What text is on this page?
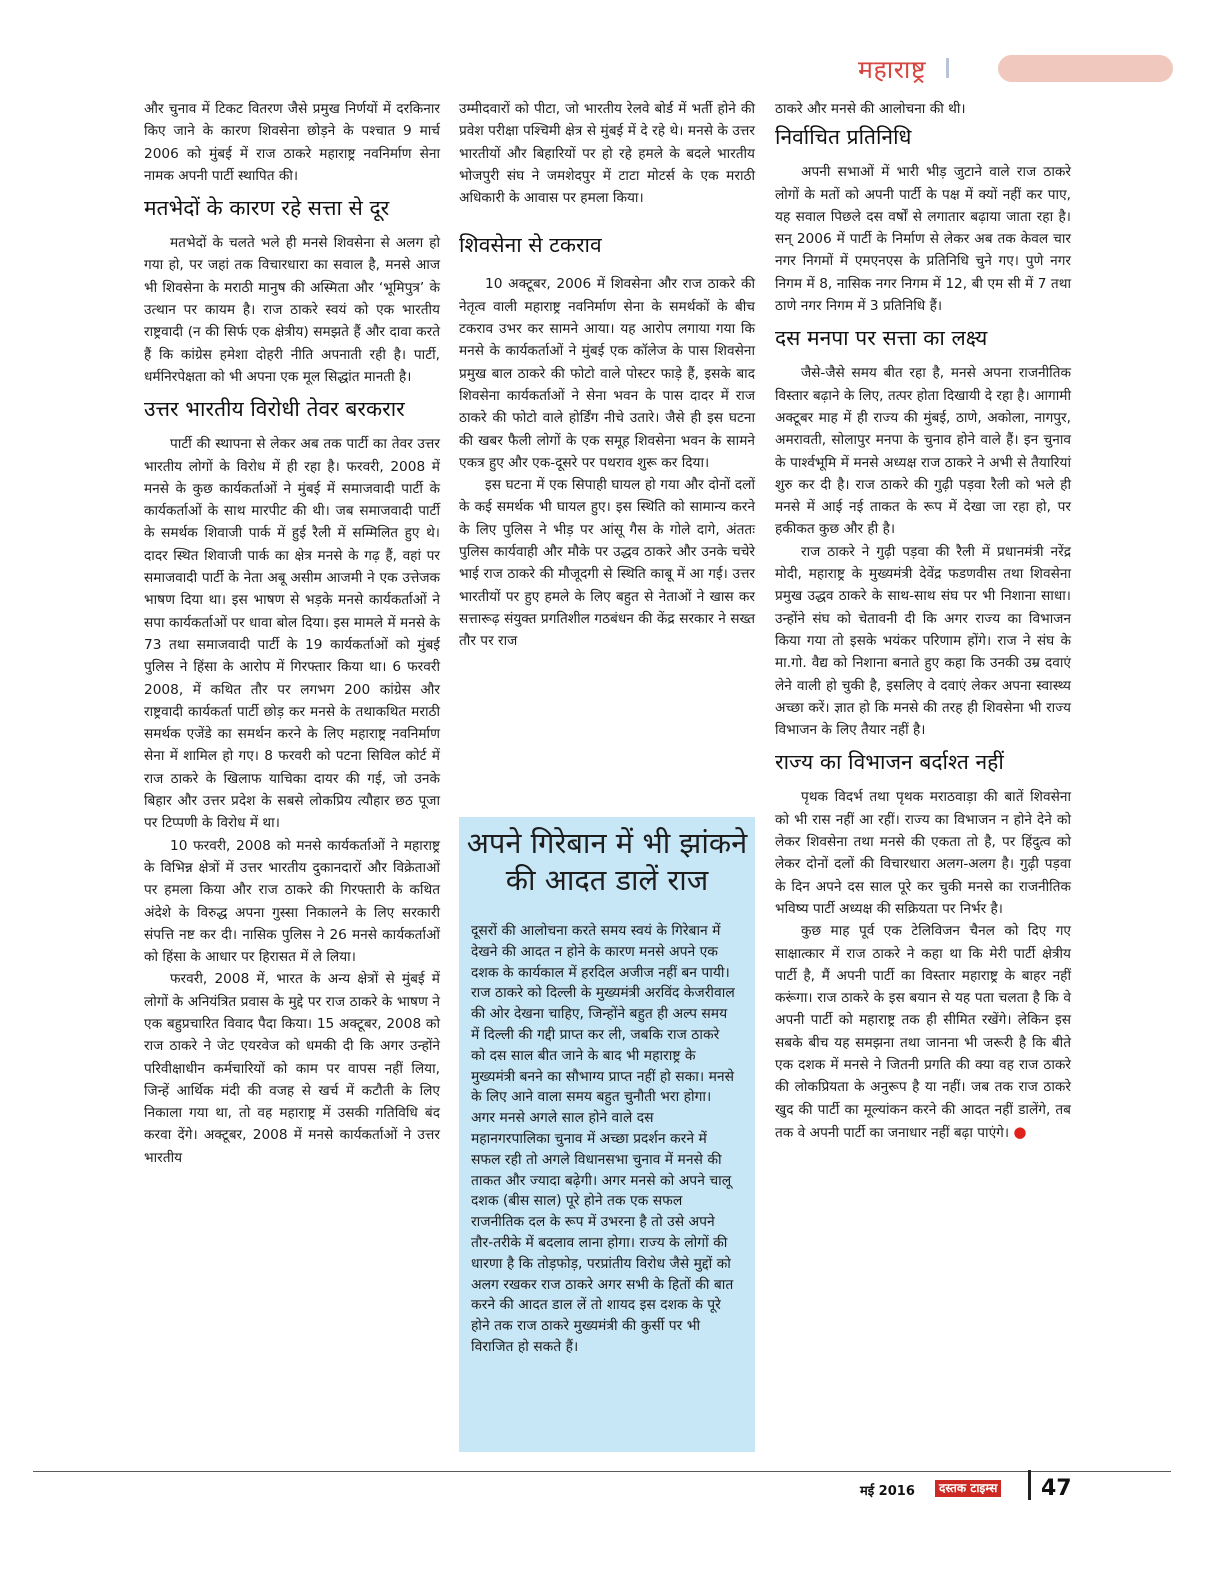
महाराष्ट्र

और चुनाव में टिकट वितरण जैसे प्रमुख निर्णयों में दरकिनार किए जाने के कारण शिवसेना छोड़ने के पश्चात 9 मार्च 2006 को मुंबई में राज ठाकरे महाराष्ट्र नवनिर्माण सेना नामक अपनी पार्टी स्थापित की।

मतभेदों के कारण रहे सत्ता से दूर

मतभेदों के चलते भले ही मनसे शिवसेना से अलग हो गया हो, पर जहां तक विचारधारा का सवाल है, मनसे आज भी शिवसेना के मराठी मानुष की अस्मिता और ‘भूमिपुत्र’ के उत्थान पर कायम है। राज ठाकरे स्वयं को एक भारतीय राष्ट्रवादी (न की सिर्फ एक क्षेत्रीय) समझते हैं और दावा करते हैं कि कांग्रेस हमेशा दोहरी नीति अपनाती रही है। पार्टी, धर्मनिरपेक्षता को भी अपना एक मूल सिद्धांत मानती है।

उत्तर भारतीय विरोधी तेवर बरकरार

पार्टी की स्थापना से लेकर अब तक पार्टी का तेवर उत्तर भारतीय लोगों के विरोध में ही रहा है। फरवरी, 2008 में मनसे के कुछ कार्यकर्ताओं ने मुंबई में समाजवादी पार्टी के कार्यकर्ताओं के साथ मारपीट की थी। जब समाजवादी पार्टी के समर्थक शिवाजी पार्क में हुई रैली में सम्मिलित हुए थे। दादर स्थित शिवाजी पार्क का क्षेत्र मनसे के गढ़ हैं, वहां पर समाजवादी पार्टी के नेता अबू असीम आजमी ने एक उत्तेजक भाषण दिया था। इस भाषण से भड़के मनसे कार्यकर्ताओं ने सपा कार्यकर्ताओं पर धावा बोल दिया। इस मामले में मनसे के 73 तथा समाजवादी पार्टी के 19 कार्यकर्ताओं को मुंबई पुलिस ने हिंसा के आरोप में गिरफ्तार किया था। 6 फरवरी 2008, में कथित तौर पर लगभग 200 कांग्रेस और राष्ट्रवादी कार्यकर्ता पार्टी छोड़ कर मनसे के तथाकथित मराठी समर्थक एजेंडे का समर्थन करने के लिए महाराष्ट्र नवनिर्माण सेना में शामिल हो गए। 8 फरवरी को पटना सिविल कोर्ट में राज ठाकरे के खिलाफ याचिका दायर की गई, जो उनके बिहार और उत्तर प्रदेश के सबसे लोकप्रिय त्यौहार छठ पूजा पर टिप्पणी के विरोध में था।

10 फरवरी, 2008 को मनसे कार्यकर्ताओं ने महाराष्ट्र के विभिन्न क्षेत्रों में उत्तर भारतीय दुकानदारों और विक्रेताओं पर हमला किया और राज ठाकरे की गिरफ्तारी के कथित अंदेशे के विरुद्ध अपना गुस्सा निकालने के लिए सरकारी संपत्ति नष्ट कर दी। नासिक पुलिस ने 26 मनसे कार्यकर्ताओं को हिंसा के आधार पर हिरासत में ले लिया।

फरवरी, 2008 में, भारत के अन्य क्षेत्रों से मुंबई में लोगों के अनियंत्रित प्रवास के मुद्दे पर राज ठाकरे के भाषण ने एक बहुप्रचारित विवाद पैदा किया। 15 अक्टूबर, 2008 को राज ठाकरे ने जेट एयरवेज को धमकी दी कि अगर उन्होंने परिवीक्षाधीन कर्मचारियों को काम पर वापस नहीं लिया, जिन्हें आर्थिक मंदी की वजह से खर्च में कटौती के लिए निकाला गया था, तो वह महाराष्ट्र में उसकी गतिविधि बंद करवा देंगे। अक्टूबर, 2008 में मनसे कार्यकर्ताओं ने उत्तर भारतीय

उम्मीदवारों को पीटा, जो भारतीय रेलवे बोर्ड में भर्ती होने की प्रवेश परीक्षा पश्चिमी क्षेत्र से मुंबई में दे रहे थे। मनसे के उत्तर भारतीयों और बिहारियों पर हो रहे हमले के बदले भारतीय भोजपुरी संघ ने जमशेदपुर में टाटा मोटर्स के एक मराठी अधिकारी के आवास पर हमला किया।

शिवसेना से टकराव

10 अक्टूबर, 2006 में शिवसेना और राज ठाकरे की नेतृत्व वाली महाराष्ट्र नवनिर्माण सेना के समर्थकों के बीच टकराव उभर कर सामने आया। यह आरोप लगाया गया कि मनसे के कार्यकर्ताओं ने मुंबई एक कॉलेज के पास शिवसेना प्रमुख बाल ठाकरे की फोटो वाले पोस्टर फाड़े हैं, इसके बाद शिवसेना कार्यकर्ताओं ने सेना भवन के पास दादर में राज ठाकरे की फोटो वाले होर्डिंग नीचे उतारे। जैसे ही इस घटना की खबर फैली लोगों के एक समूह शिवसेना भवन के सामने एकत्र हुए और एक-दूसरे पर पथराव शुरू कर दिया।

इस घटना में एक सिपाही घायल हो गया और दोनों दलों के कई समर्थक भी घायल हुए। इस स्थिति को सामान्य करने के लिए पुलिस ने भीड़ पर आंसू गैस के गोले दागे, अंततः पुलिस कार्यवाही और मौके पर उद्धव ठाकरे और उनके चचेरे भाई राज ठाकरे की मौजूदगी से स्थिति काबू में आ गई। उत्तर भारतीयों पर हुए हमले के लिए बहुत से नेताओं ने खास कर सत्तारूढ़ संयुक्त प्रगतिशील गठबंधन की केंद्र सरकार ने सख्त तौर पर राज

अपने गिरेबान में भी झांकने की आदत डालें राज

दूसरों की आलोचना करते समय स्वयं के गिरेबान में देखने की आदत न होने के कारण मनसे अपने एक दशक के कार्यकाल में हरदिल अजीज नहीं बन पायी। राज ठाकरे को दिल्ली के मुख्यमंत्री अरविंद केजरीवाल की ओर देखना चाहिए, जिन्होंने बहुत ही अल्प समय में दिल्ली की गद्दी प्राप्त कर ली, जबकि राज ठाकरे को दस साल बीत जाने के बाद भी महाराष्ट्र के मुख्यमंत्री बनने का सौभाग्य प्राप्त नहीं हो सका। मनसे के लिए आने वाला समय बहुत चुनौती भरा होगा। अगर मनसे अगले साल होने वाले दस महानगरपालिका चुनाव में अच्छा प्रदर्शन करने में सफल रही तो अगले विधानसभा चुनाव में मनसे की ताकत और ज्यादा बढ़ेगी। अगर मनसे को अपने चालू दशक (बीस साल) पूरे होने तक एक सफल राजनीतिक दल के रूप में उभरना है तो उसे अपने तौर-तरीके में बदलाव लाना होगा। राज्य के लोगों की धारणा है कि तोड़फोड़, परप्रांतीय विरोध जैसे मुद्दों को अलग रखकर राज ठाकरे अगर सभी के हितों की बात करने की आदत डाल लें तो शायद इस दशक के पूरे होने तक राज ठाकरे मुख्यमंत्री की कुर्सी पर भी विराजित हो सकते हैं।

ठाकरे और मनसे की आलोचना की थी।

निर्वाचित प्रतिनिधि

अपनी सभाओं में भारी भीड़ जुटाने वाले राज ठाकरे लोगों के मतों को अपनी पार्टी के पक्ष में क्यों नहीं कर पाए, यह सवाल पिछले दस वर्षों से लगातार बढ़ाया जाता रहा है। सन् 2006 में पार्टी के निर्माण से लेकर अब तक केवल चार नगर निगमों में एमएनएस के प्रतिनिधि चुने गए। पुणे नगर निगम में 8, नासिक नगर निगम में 12, बी एम सी में 7 तथा ठाणे नगर निगम में 3 प्रतिनिधि हैं।

दस मनपा पर सत्ता का लक्ष्य

जैसे-जैसे समय बीत रहा है, मनसे अपना राजनीतिक विस्तार बढ़ाने के लिए, तत्पर होता दिखायी दे रहा है। आगामी अक्टूबर माह में ही राज्य की मुंबई, ठाणे, अकोला, नागपुर, अमरावती, सोलापुर मनपा के चुनाव होने वाले हैं। इन चुनाव के पार्श्वभूमि में मनसे अध्यक्ष राज ठाकरे ने अभी से तैयारियां शुरु कर दी है। राज ठाकरे की गुढ़ी पड़वा रैली को भले ही मनसे में आई नई ताकत के रूप में देखा जा रहा हो, पर हकीकत कुछ और ही है।

राज ठाकरे ने गुढ़ी पड़वा की रैली में प्रधानमंत्री नरेंद्र मोदी, महाराष्ट्र के मुख्यमंत्री देवेंद्र फडणवीस तथा शिवसेना प्रमुख उद्धव ठाकरे के साथ-साथ संघ पर भी निशाना साधा। उन्होंने संघ को चेतावनी दी कि अगर राज्य का विभाजन किया गया तो इसके भयंकर परिणाम होंगे। राज ने संघ के मा.गो. वैद्य को निशाना बनाते हुए कहा कि उनकी उम्र दवाएं लेने वाली हो चुकी है, इसलिए वे दवाएं लेकर अपना स्वास्थ्य अच्छा करें। ज्ञात हो कि मनसे की तरह ही शिवसेना भी राज्य विभाजन के लिए तैयार नहीं है।

राज्य का विभाजन बर्दाश्त नहीं

पृथक विदर्भ तथा पृथक मराठवाड़ा की बातें शिवसेना को भी रास नहीं आ रहीं। राज्य का विभाजन न होने देने को लेकर शिवसेना तथा मनसे की एकता तो है, पर हिंदुत्व को लेकर दोनों दलों की विचारधारा अलग-अलग है। गुढ़ी पड़वा के दिन अपने दस साल पूरे कर चुकी मनसे का राजनीतिक भविष्य पार्टी अध्यक्ष की सक्रियता पर निर्भर है।

कुछ माह पूर्व एक टेलिविजन चैनल को दिए गए साक्षात्कार में राज ठाकरे ने कहा था कि मेरी पार्टी क्षेत्रीय पार्टी है, मैं अपनी पार्टी का विस्तार महाराष्ट्र के बाहर नहीं करूंगा। राज ठाकरे के इस बयान से यह पता चलता है कि वे अपनी पार्टी को महाराष्ट्र तक ही सीमित रखेंगे। लेकिन इस सबके बीच यह समझना तथा जानना भी जरूरी है कि बीते एक दशक में मनसे ने जितनी प्रगति की क्या वह राज ठाकरे की लोकप्रियता के अनुरूप है या नहीं। जब तक राज ठाकरे खुद की पार्टी का मूल्यांकन करने की आदत नहीं डालेंगे, तब तक वे अपनी पार्टी का जनाधार नहीं बढ़ा पाएंगे। ●

मई 2016	दस्तक टाइम्स 47
